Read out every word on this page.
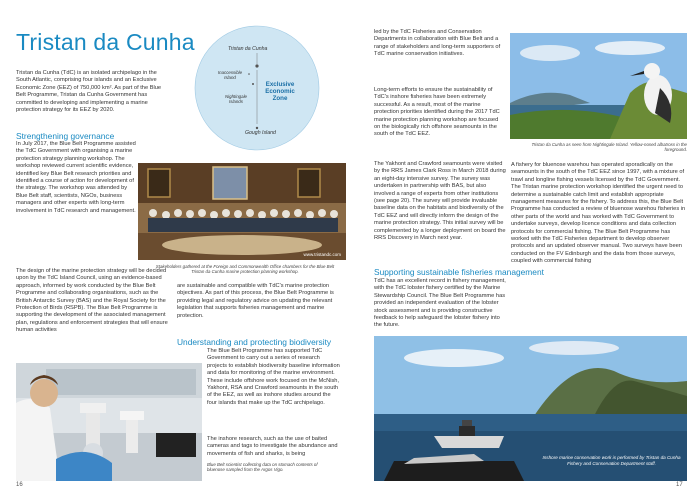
Tristan da Cunha

Tristan da Cunha (TdC) is an isolated archipelago in the South Atlantic, comprising four islands and an Exclusive Economic Zone (EEZ) of 750,000 km². As part of the Blue Belt Programme, Tristan da Cunha Government has committed to developing and implementing a marine protection strategy for its EEZ by 2020.

Strengthening governance

In July 2017, the Blue Belt Programme assisted the TdC Government with organising a marine protection strategy planning workshop. The workshop reviewed current scientific evidence, identified key Blue Belt research priorities and identified a course of action for development of the strategy. The workshop was attended by Blue Belt staff, scientists, NGOs, business managers and other experts with long-term involvement in TdC research and management.

Tristan da Cunha
Inaccessible Island
Nightingale Islands
Exclusive Economic Zone
Gough Island
www.tristandc.com
Stakeholders gathered at the Foreign and Commonwealth Office chambers for the Blue Belt Tristan da Cunha marine protection planning workshop.

The design of the marine protection strategy will be decided upon by the TdC Island Council, using an evidence-based approach, informed by work conducted by the Blue Belt Programme and collaborating organisations, such as the British Antarctic Survey (BAS) and the Royal Society for the Protection of Birds (RSPB). The Blue Belt Programme is supporting the development of the associated management plan, regulations and enforcement strategies that will ensure human activities

are sustainable and compatible with TdC's marine protection objectives. As part of this process, the Blue Belt Programme is providing legal and regulatory advice on updating the relevant legislation that supports fisheries management and marine protection.

Understanding and protecting biodiversity

The Blue Belt Programme has supported TdC Government to carry out a series of research projects to establish biodiversity baseline information and data for monitoring of the marine environment. These include offshore work focused on the McNish, Yakhont, RSA and Crawford seamounts in the south of the EEZ, as well as inshore studies around the four islands that make up the TdC archipelago.

The inshore research, such as the use of baited cameras and tags to investigate the abundance and movements of fish and sharks, is being

Blue Belt scientist collecting data on stomach contents of bluenose sampled from the Argos Vigo.
16

led by the TdC Fisheries and Conservation Departments in collaboration with Blue Belt and a range of stakeholders and long-term supporters of TdC marine conservation initiatives.

Long-term efforts to ensure the sustainability of TdC's inshore fisheries have been extremely successful. As a result, most of the marine protection priorities identified during the 2017 TdC marine protection planning workshop are focused on the biologically rich offshore seamounts in the south of the TdC EEZ.

The Yakhont and Crawford seamounts were visited by the RRS James Clark Ross in March 2018 during an eight-day intensive survey. The survey was undertaken in partnership with BAS, but also involved a range of experts from other institutions (see page 20). The survey will provide invaluable baseline data on the habitats and biodiversity of the TdC EEZ and will directly inform the design of the marine protection strategy. This initial survey will be complemented by a longer deployment on board the RRS Discovery in March next year.

Supporting sustainable fisheries management

TdC has an excellent record in fishery management, with the TdC lobster fishery certified by the Marine Stewardship Council. The Blue Belt Programme has provided an independent evaluation of the lobster stock assessment and is providing constructive feedback to help safeguard the lobster fishery into the future.

Tristan da Cunha as seen from Nightingale Island. Yellow-nosed albatross in the foreground.

A fishery for bluenose warehou has operated sporadically on the seamounts in the south of the TdC EEZ since 1997, with a mixture of trawl and longline fishing vessels licensed by the TdC Government. The Tristan marine protection workshop identified the urgent need to determine a sustainable catch limit and establish appropriate management measures for the fishery. To address this, the Blue Belt Programme has conducted a review of bluenose warehou fisheries in other parts of the world and has worked with TdC Government to undertake surveys, develop licence conditions and data collection protocols for commercial fishing. The Blue Belt Programme has worked with the TdC Fisheries department to develop observer protocols and an updated observer manual. Two surveys have been conducted on the FV Edinburgh and the data from those surveys, coupled with commercial fishing

Inshore marine conservation work is performed by Tristan da Cunha Fishery and Conservation Department staff.
17
